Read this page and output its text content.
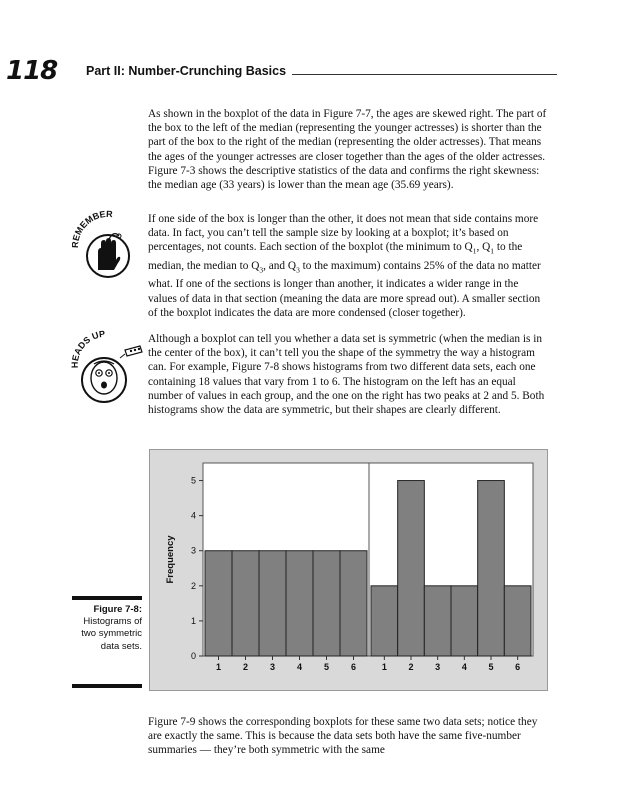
118 Part II: Number-Crunching Basics

As shown in the boxplot of the data in Figure 7-7, the ages are skewed right. The part of the box to the left of the median (representing the younger actresses) is shorter than the part of the box to the right of the median (representing the older actresses). That means the ages of the younger actresses are closer together than the ages of the older actresses. Figure 7-3 shows the descriptive statistics of the data and confirms the right skewness: the median age (33 years) is lower than the mean age (35.69 years).

MEMBER	If one side of the box is longer than the other, it does not mean that side contains more data. In fact, you can’t tell the sample size by looking at a boxplot; it’s based on percentages, not counts. Each section of the boxplot (the minimum to $Q_1$, $Q_1$ to the median, the median to $Q_3$, and $Q_3$ to the maximum) contains 25% of the data no matter what. If one of the sections is longer than another, it indicates a wider range in the values of data in that section (meaning the data are more spread out). A smaller section of the boxplot indicates the data are more condensed (closer together).

HEADS UP	Although a boxplot can tell you whether a data set is symmetric (when the median is in the center of the box), it can’t tell you the shape of the symmetry the way a histogram can. For example, Figure 7-8 shows histograms from two different data sets, each one containing 18 values that vary from 1 to 6. The histogram on the left has an equal number of values in each group, and the one on the right has two peaks at 2 and 5. Both histograms show the data are symmetric, but their shapes are clearly different.

Figure 7-8: Histograms of two symmetric data sets.
1 2 3 4 5 6	1 2 3 4 5 6
0
1
2
3
4
5
Frequency

Figure 7-9 shows the corresponding boxplots for these same two data sets; notice they are exactly the same. This is because the data sets both have the same five-number summaries — they’re both symmetric with the same
